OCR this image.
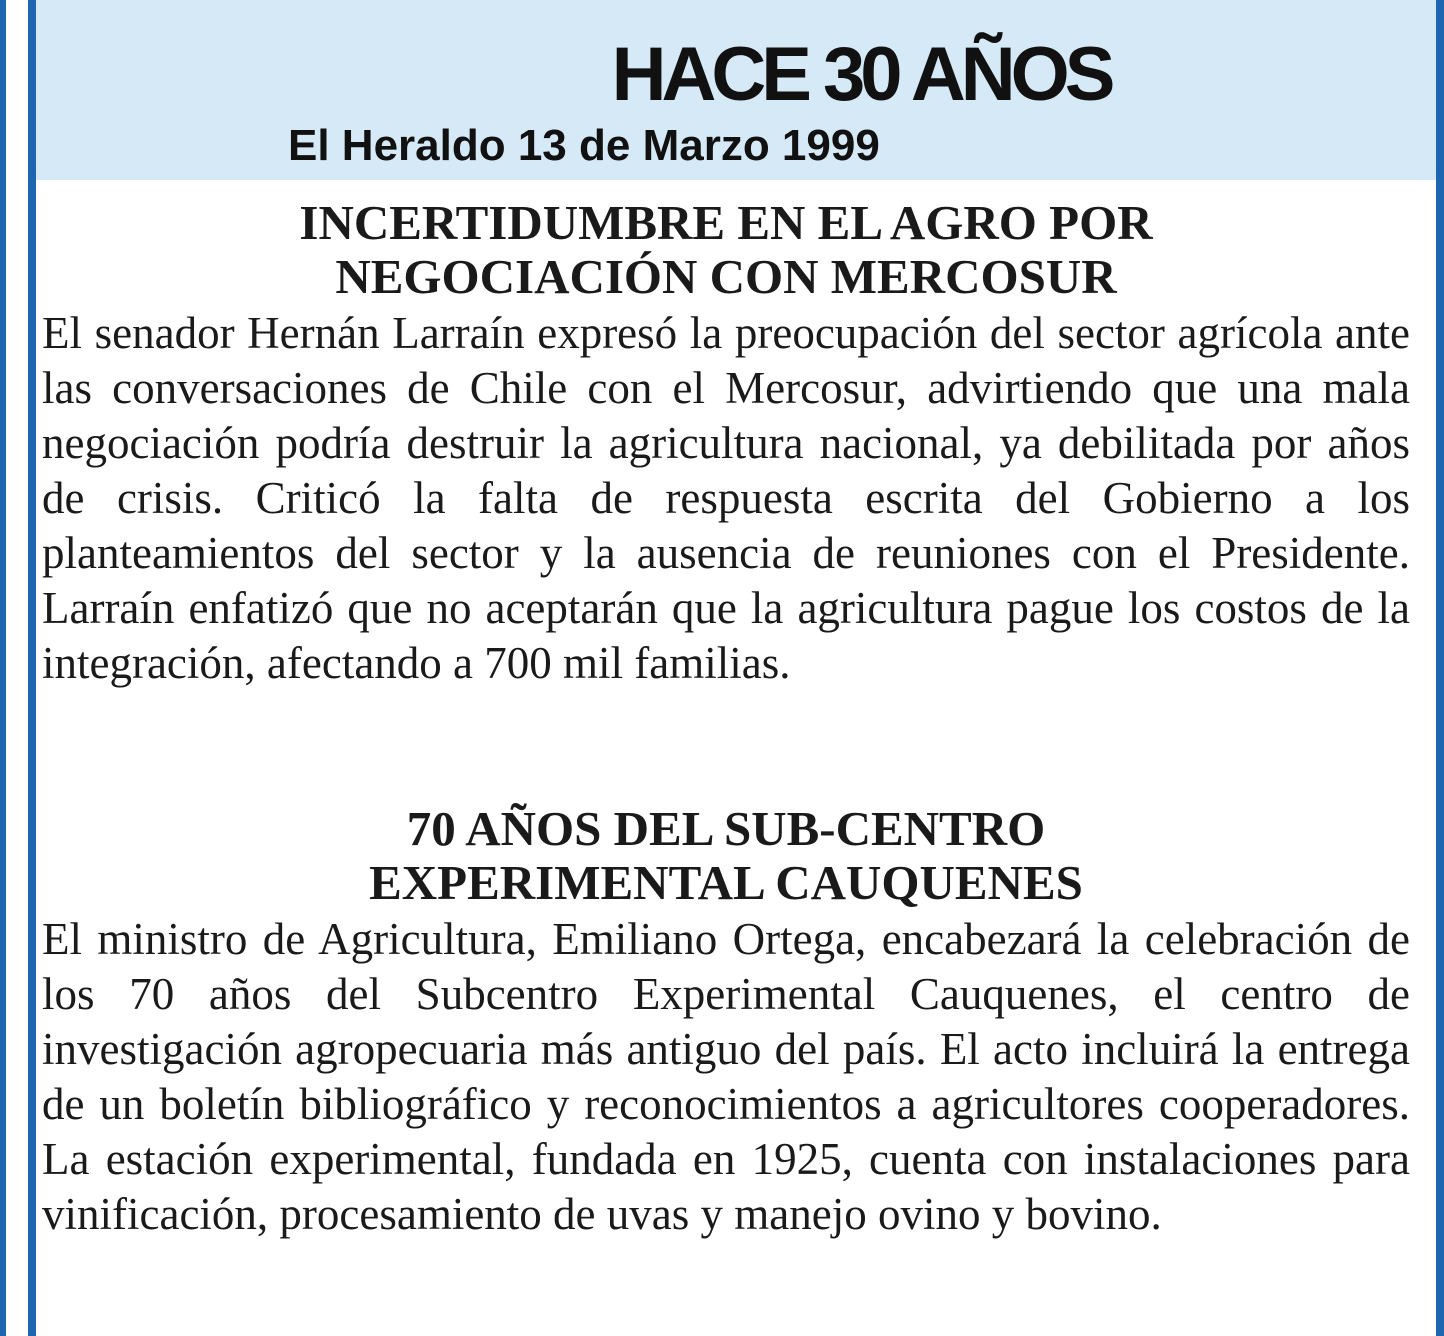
HACE 30 AÑOS
El Heraldo 13 de Marzo 1999
INCERTIDUMBRE EN EL AGRO POR
NEGOCIACIÓN CON MERCOSUR

El senador Hernán Larraín expresó la preocupación del sector agrícola ante las conversaciones de Chile con el Mercosur, advirtiendo que una mala negociación podría destruir la agricultura nacional, ya debilitada por años de crisis. Criticó la falta de respuesta escrita del Gobierno a los planteamientos del sector y la ausencia de reuniones con el Presidente. Larraín enfatizó que no aceptarán que la agricultura pague los costos de la integración, afectando a 700 mil familias.

70 AÑOS DEL SUB-CENTRO
EXPERIMENTAL CAUQUENES

El ministro de Agricultura, Emiliano Ortega, encabezará la celebración de los 70 años del Subcentro Experimental Cauquenes, el centro de investigación agropecuaria más antiguo del país. El acto incluirá la entrega de un boletín bibliográfico y reconocimientos a agricultores cooperadores. La estación experimental, fundada en 1925, cuenta con instalaciones para vinificación, procesamiento de uvas y manejo ovino y bovino.
